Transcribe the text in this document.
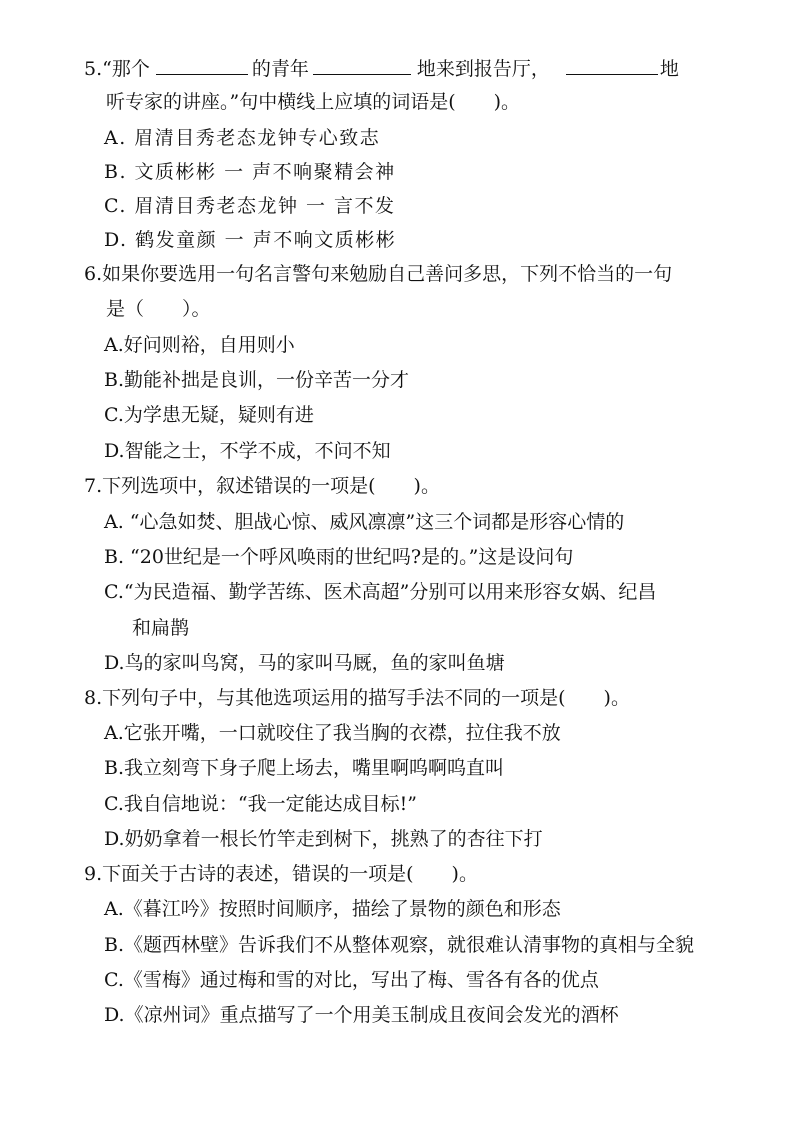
5.“那个	的青年	地来到报告厅，	地
听专家的讲座。”句中横线上应填的词语是(　　)。
A. 眉清目秀老态龙钟专心致志
B. 文质彬彬 一 声不响聚精会神
C. 眉清目秀老态龙钟 一 言不发
D. 鹤发童颜 一 声不响文质彬彬
6.如果你要选用一句名言警句来勉励自己善问多思，下列不恰当的一句
是（　　）。
A.好问则裕，自用则小
B.勤能补拙是良训，一份辛苦一分才
C.为学患无疑，疑则有进
D.智能之士，不学不成，不问不知
7.下列选项中，叙述错误的一项是(　　)。
A. “心急如焚、胆战心惊、威风凛凛”这三个词都是形容心情的
B. “20世纪是一个呼风唤雨的世纪吗?是的。”这是设问句
C.“为民造福、勤学苦练、医术高超”分别可以用来形容女娲、纪昌
和扁鹊
D.鸟的家叫鸟窝，马的家叫马厩，鱼的家叫鱼塘
8.下列句子中，与其他选项运用的描写手法不同的一项是(　　)。
A.它张开嘴，一口就咬住了我当胸的衣襟，拉住我不放
B.我立刻弯下身子爬上场去，嘴里啊呜啊呜直叫
C.我自信地说：“我一定能达成目标!”
D.奶奶拿着一根长竹竿走到树下，挑熟了的杏往下打
9.下面关于古诗的表述，错误的一项是(　　)。
A.《暮江吟》按照时间顺序，描绘了景物的颜色和形态
B.《题西林壁》告诉我们不从整体观察，就很难认清事物的真相与全貌
C.《雪梅》通过梅和雪的对比，写出了梅、雪各有各的优点
D.《凉州词》重点描写了一个用美玉制成且夜间会发光的酒杯
